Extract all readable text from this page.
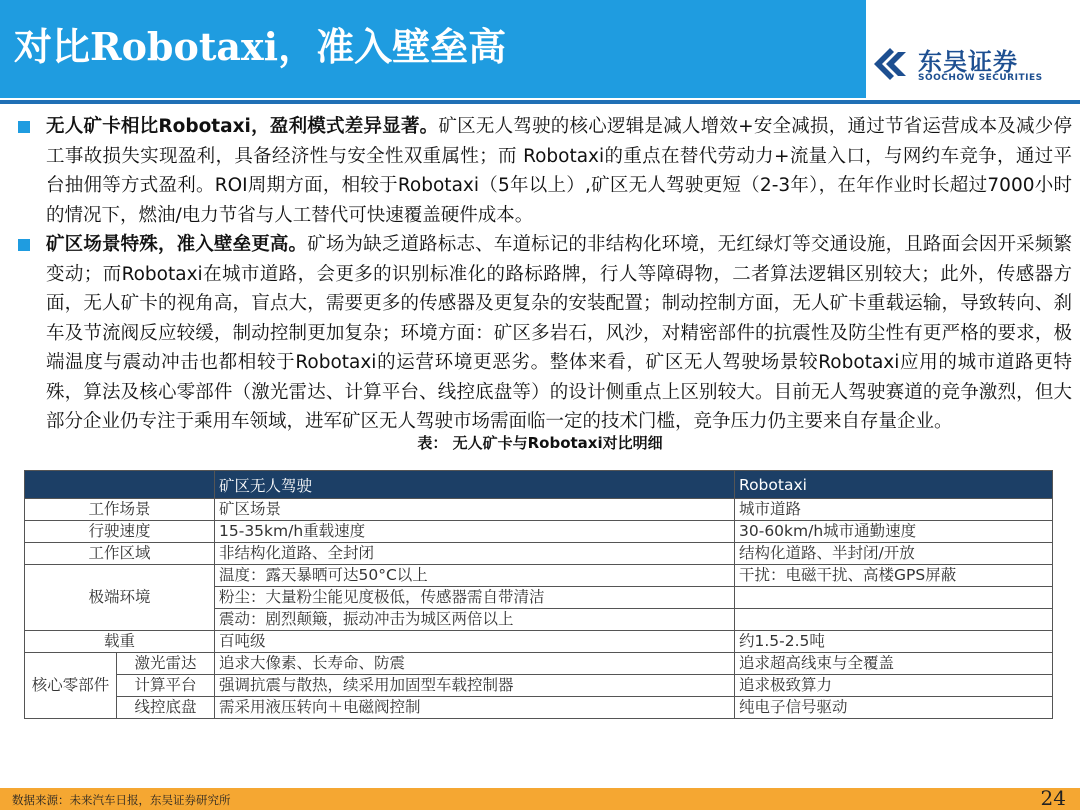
对比Robotaxi，准入壁垒高	东吴证券
SOOCHOW SECURITIES
无人矿卡相比Robotaxi，盈利模式差异显著。矿区无人驾驶的核心逻辑是减人增效+安全减损，通过节省运营成本及减少停工事故损失实现盈利，具备经济性与安全性双重属性；而 Robotaxi的重点在替代劳动力+流量入口，与网约车竞争，通过平台抽佣等方式盈利。ROI周期方面，相较于Robotaxi（5年以上）,矿区无人驾驶更短（2-3年），在年作业时长超过7000小时的情况下，燃油/电力节省与人工替代可快速覆盖硬件成本。
矿区场景特殊，准入壁垒更高。矿场为缺乏道路标志、车道标记的非结构化环境，无红绿灯等交通设施，且路面会因开采频繁变动；而Robotaxi在城市道路，会更多的识别标准化的路标路牌，行人等障碍物，二者算法逻辑区别较大；此外，传感器方面，无人矿卡的视角高，盲点大，需要更多的传感器及更复杂的安装配置；制动控制方面，无人矿卡重载运输，导致转向、刹车及节流阀反应较缓，制动控制更加复杂；环境方面：矿区多岩石，风沙，对精密部件的抗震性及防尘性有更严格的要求，极端温度与震动冲击也都相较于Robotaxi的运营环境更恶劣。整体来看，矿区无人驾驶场景较Robotaxi应用的城市道路更特殊，算法及核心零部件（激光雷达、计算平台、线控底盘等）的设计侧重点上区别较大。目前无人驾驶赛道的竞争激烈，但大部分企业仍专注于乘用车领域，进军矿区无人驾驶市场需面临一定的技术门槛，竞争压力仍主要来自存量企业。
表： 无人矿卡与Robotaxi对比明细
		矿区无人驾驶	Robotaxi
工作场景		矿区场景	城市道路
行驶速度		15-35km/h重载速度	30-60km/h城市通勤速度
工作区域		非结构化道路、全封闭	结构化道路、半封闭/开放
极端环境		温度：露天暴晒可达50°C以上	干扰：电磁干扰、高楼GPS屏蔽
		粉尘：大量粉尘能见度极低，传感器需自带清洁	
		震动：剧烈颠簸，振动冲击为城区两倍以上	
载重		百吨级	约1.5-2.5吨
核心零部件	激光雷达	追求大像素、长寿命、防震	追求超高线束与全覆盖
	计算平台	强调抗震与散热，续采用加固型车载控制器	追求极致算力
	线控底盘	需采用液压转向＋电磁阀控制	纯电子信号驱动
数据来源：未来汽车日报，东吴证券研究所	24
